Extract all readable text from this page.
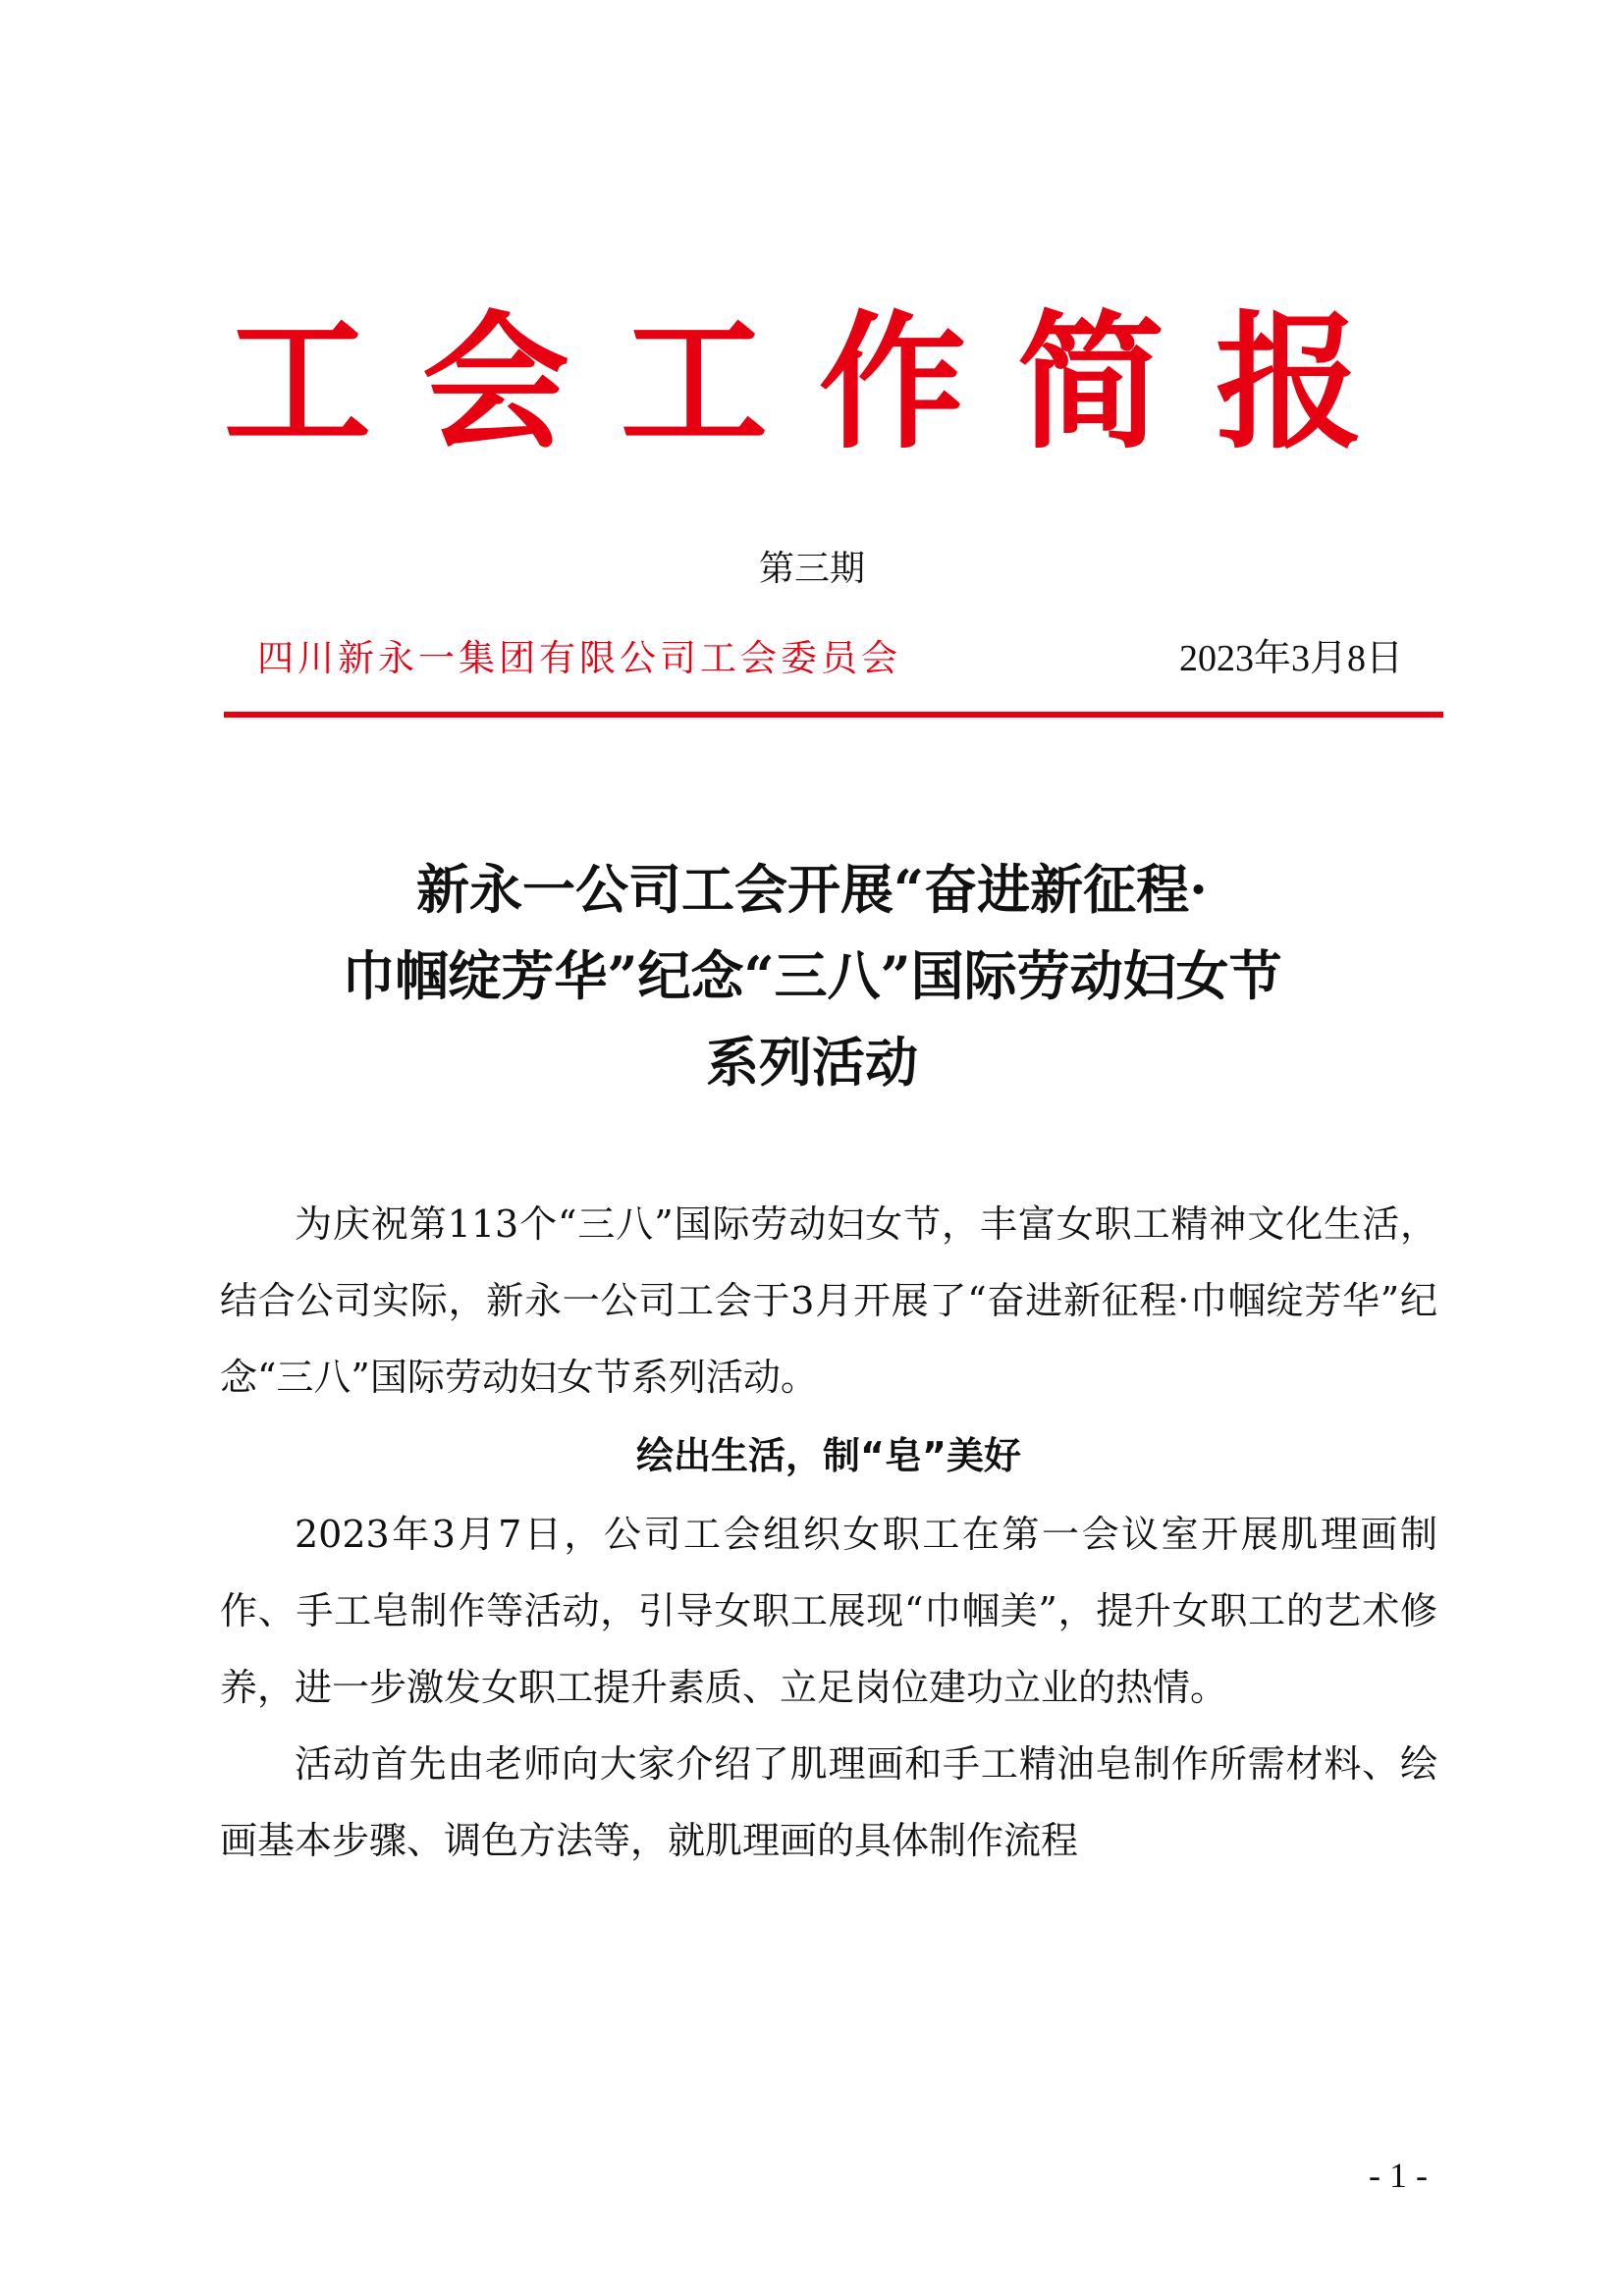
工 会 工 作 简 报
第三期
四川新永一集团有限公司工会委员会	2023年3月8日
新永一公司工会开展“奋进新征程·
巾帼绽芳华”纪念“三八”国际劳动妇女节
系列活动

为庆祝第113个“三八”国际劳动妇女节，丰富女职工精神文化生活，结合公司实际，新永一公司工会于3月开展了“奋进新征程·巾帼绽芳华”纪念“三八”国际劳动妇女节系列活动。

绘出生活，制“皂”美好

2023年3月7日，公司工会组织女职工在第一会议室开展肌理画制作、手工皂制作等活动，引导女职工展现“巾帼美”，提升女职工的艺术修养，进一步激发女职工提升素质、立足岗位建功立业的热情。

活动首先由老师向大家介绍了肌理画和手工精油皂制作所需材料、绘画基本步骤、调色方法等，就肌理画的具体制作流程

- 1 -
